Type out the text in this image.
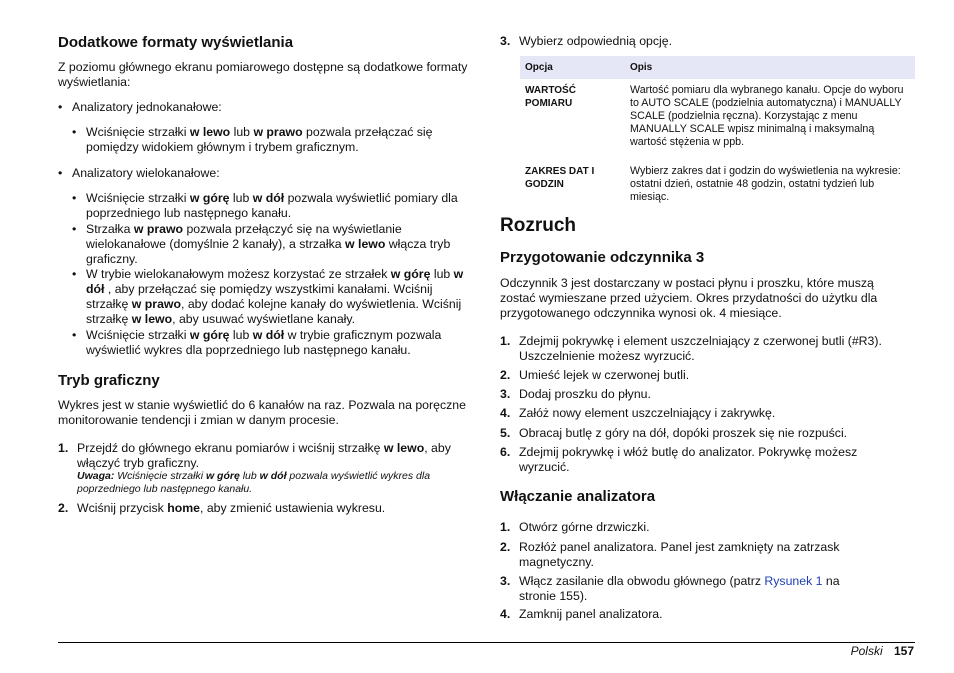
Dodatkowe formaty wyświetlania
Z poziomu głównego ekranu pomiarowego dostępne są dodatkowe formaty wyświetlania:
• Analizatory jednokanałowe:
• Wciśnięcie strzałki w lewo lub w prawo pozwala przełączać się pomiędzy widokiem głównym i trybem graficznym.
• Analizatory wielokanałowe:
• Wciśnięcie strzałki w górę lub w dół pozwala wyświetlić pomiary dla poprzedniego lub następnego kanału.
• Strzałka w prawo pozwala przełączyć się na wyświetlanie wielokanałowe (domyślnie 2 kanały), a strzałka w lewo włącza tryb graficzny.
• W trybie wielokanałowym możesz korzystać ze strzałek w górę lub w dół , aby przełączać się pomiędzy wszystkimi kanałami. Wciśnij strzałkę w prawo, aby dodać kolejne kanały do wyświetlenia. Wciśnij strzałkę w lewo, aby usuwać wyświetlane kanały.
• Wciśnięcie strzałki w górę lub w dół w trybie graficznym pozwala wyświetlić wykres dla poprzedniego lub następnego kanału.
Tryb graficzny
Wykres jest w stanie wyświetlić do 6 kanałów na raz. Pozwala na poręczne monitorowanie tendencji i zmian w danym procesie.
1. Przejdź do głównego ekranu pomiarów i wciśnij strzałkę w lewo, aby włączyć tryb graficzny.
Uwaga: Wciśnięcie strzałki w górę lub w dół pozwala wyświetlić wykres dla poprzedniego lub następnego kanału.
2. Wciśnij przycisk home, aby zmienić ustawienia wykresu.
3. Wybierz odpowiednią opcję.
Opcja	Opis
WARTOŚĆ POMIARU	Wartość pomiaru dla wybranego kanału. Opcje do wyboru to AUTO SCALE (podzielnia automatyczna) i MANUALLY SCALE (podzielnia ręczna). Korzystając z menu MANUALLY SCALE wpisz minimalną i maksymalną wartość stężenia w ppb.
ZAKRES DAT I GODZIN	Wybierz zakres dat i godzin do wyświetlenia na wykresie: ostatni dzień, ostatnie 48 godzin, ostatni tydzień lub miesiąc.
Rozruch
Przygotowanie odczynnika 3
Odczynnik 3 jest dostarczany w postaci płynu i proszku, które muszą zostać wymieszane przed użyciem. Okres przydatności do użytku dla przygotowanego odczynnika wynosi ok. 4 miesiące.
1. Zdejmij pokrywkę i element uszczelniający z czerwonej butli (#R3). Uszczelnienie możesz wyrzucić.
2. Umieść lejek w czerwonej butli.
3. Dodaj proszku do płynu.
4. Załóż nowy element uszczelniający i zakrywkę.
5. Obracaj butlę z góry na dół, dopóki proszek się nie rozpuści.
6. Zdejmij pokrywkę i włóż butlę do analizator. Pokrywkę możesz wyrzucić.
Włączanie analizatora
1. Otwórz górne drzwiczki.
2. Rozłóż panel analizatora. Panel jest zamknięty na zatrzask magnetyczny.
3. Włącz zasilanie dla obwodu głównego (patrz Rysunek 1 na stronie 155).
4. Zamknij panel analizatora.
Polski 157
